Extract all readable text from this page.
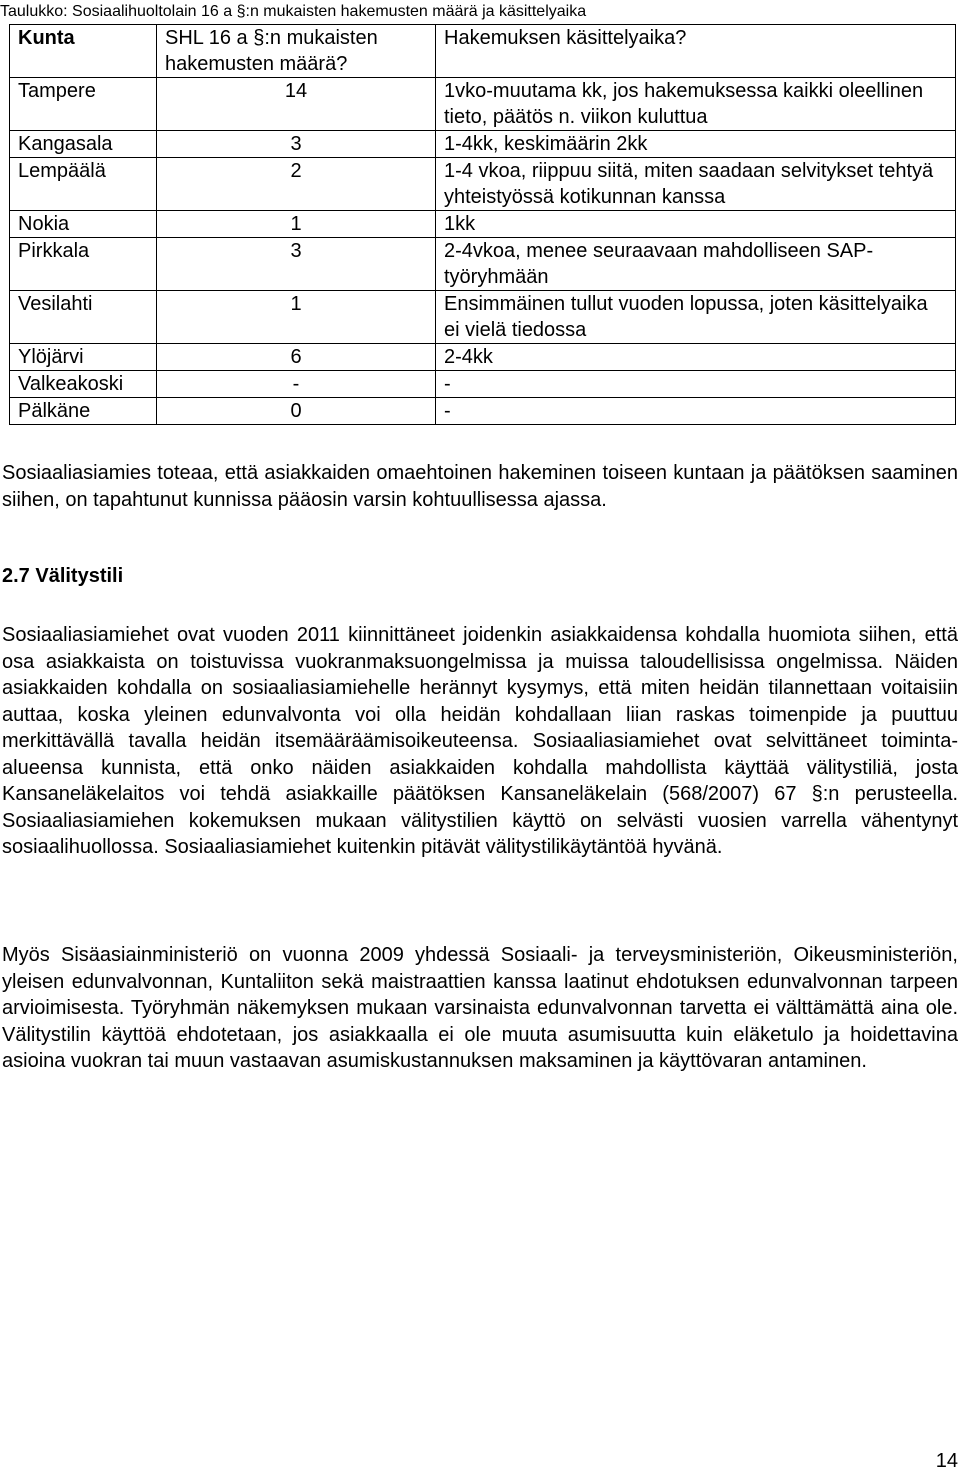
Taulukko: Sosiaalihuoltolain 16 a §:n mukaisten hakemusten määrä ja käsittelyaika
Kunta	SHL 16 a §:n mukaisten hakemusten määrä?	Hakemuksen käsittelyaika?
Tampere	14	1vko-muutama kk, jos hakemuksessa kaikki oleellinen tieto, päätös n. viikon kuluttua
Kangasala	3	1-4kk, keskimäärin 2kk
Lempäälä	2	1-4 vkoa, riippuu siitä, miten saadaan selvitykset tehtyä yhteistyössä kotikunnan kanssa
Nokia	1	1kk
Pirkkala	3	2-4vkoa, menee seuraavaan mahdolliseen SAP-työryhmään
Vesilahti	1	Ensimmäinen tullut vuoden lopussa, joten käsittelyaika ei vielä tiedossa
Ylöjärvi	6	2-4kk
Valkeakoski	-	-
Pälkäne	0	-

Sosiaaliasiamies toteaa, että asiakkaiden omaehtoinen hakeminen toiseen kuntaan ja päätöksen saaminen siihen, on tapahtunut kunnissa pääosin varsin kohtuullisessa ajassa.

2.7 Välitystili

Sosiaaliasiamiehet ovat vuoden 2011 kiinnittäneet joidenkin asiakkaidensa kohdalla huomiota siihen, että osa asiakkaista on toistuvissa vuokranmaksuongelmissa ja muissa taloudellisissa ongelmissa. Näiden asiakkaiden kohdalla on sosiaaliasiamiehelle herännyt kysymys, että miten heidän tilannettaan voitaisiin auttaa, koska yleinen edunvalvonta voi olla heidän kohdallaan liian raskas toimenpide ja puuttuu merkittävällä tavalla heidän itsemääräämisoikeuteensa. Sosiaaliasiamiehet ovat selvittäneet toiminta-alueensa kunnista, että onko näiden asiakkaiden kohdalla mahdollista käyttää välitystiliä, josta Kansaneläkelaitos voi tehdä asiakkaille päätöksen Kansaneläkelain (568/2007) 67 §:n perusteella. Sosiaaliasiamiehen kokemuksen mukaan välitystilien käyttö on selvästi vuosien varrella vähentynyt sosiaalihuollossa. Sosiaaliasiamiehet kuitenkin pitävät välitystilikäytäntöä hyvänä.

Myös Sisäasiainministeriö on vuonna 2009 yhdessä Sosiaali- ja terveysministeriön, Oikeusministeriön, yleisen edunvalvonnan, Kuntaliiton sekä maistraattien kanssa laatinut ehdotuksen edunvalvonnan tarpeen arvioimisesta. Työryhmän näkemyksen mukaan varsinaista edunvalvonnan tarvetta ei välttämättä aina ole. Välitystilin käyttöä ehdotetaan, jos asiakkaalla ei ole muuta asumisuutta kuin eläketulo ja hoidettavina asioina vuokran tai muun vastaavan asumiskustannuksen maksaminen ja käyttövaran antaminen.

14
